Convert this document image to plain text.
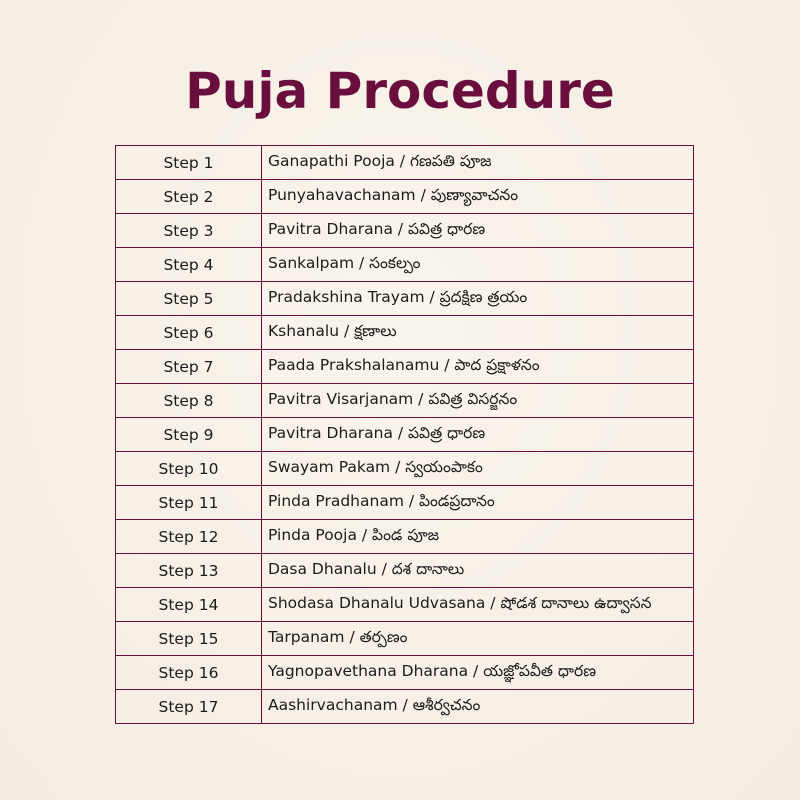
Puja Procedure
Step 1	Ganapathi Pooja / గణపతి పూజ
Step 2	Punyahavachanam / పుణ్యావాచనం
Step 3	Pavitra Dharana / పవిత్ర ధారణ
Step 4	Sankalpam / సంకల్పం
Step 5	Pradakshina Trayam / ప్రదక్షిణ త్రయం
Step 6	Kshanalu / క్షణాలు
Step 7	Paada Prakshalanamu / పాద ప్రక్షాళనం
Step 8	Pavitra Visarjanam / పవిత్ర విసర్జనం
Step 9	Pavitra Dharana / పవిత్ర ధారణ
Step 10	Swayam Pakam / స్వయంపాకం
Step 11	Pinda Pradhanam / పిండప్రదానం
Step 12	Pinda Pooja / పిండ పూజ
Step 13	Dasa Dhanalu / దశ దానాలు
Step 14	Shodasa Dhanalu Udvasana / షోడశ దానాలు ఉద్వాసన
Step 15	Tarpanam / తర్పణం
Step 16	Yagnopavethana Dharana / యజ్ఞోపవీత ధారణ
Step 17	Aashirvachanam / ఆశీర్వచనం
